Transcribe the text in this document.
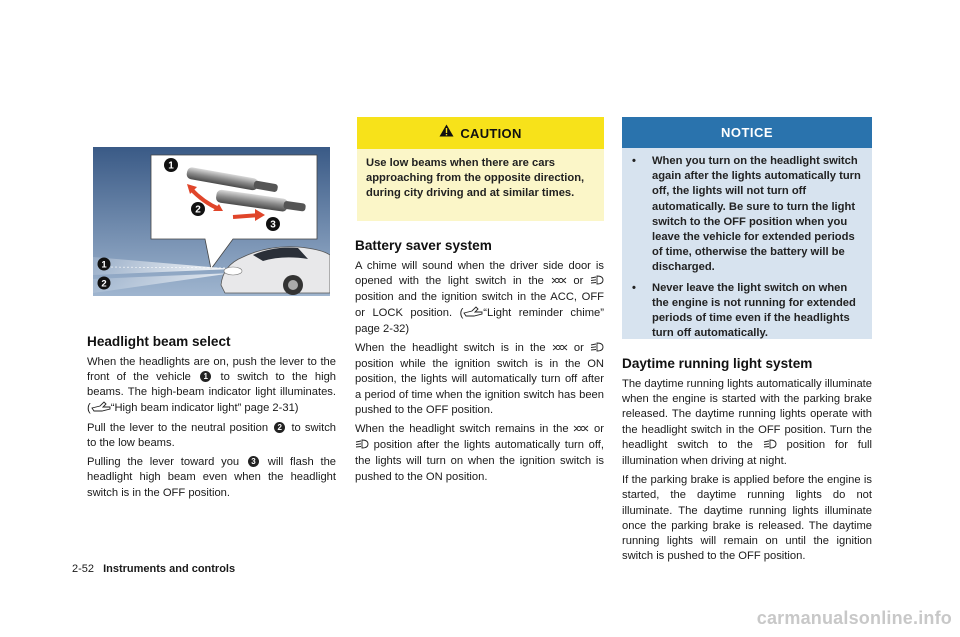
1
2
3
1
2
Headlight beam select

When the headlights are on, push the lever to the front of the vehicle 1 to switch to the high beams. The high-beam indicator light illuminates. ( “High beam indicator light” page 2-31)

Pull the lever to the neutral position 2 to switch to the low beams.

Pulling the lever toward you 3 will flash the headlight high beam even when the headlight switch is in the OFF position.

CAUTION
Use low beams when there are cars approaching from the opposite direction, during city driving and at similar times.
Battery saver system

A chime will sound when the driver side door is opened with the light switch in the	or  position and the ignition switch in the ACC, OFF or LOCK position. ( “Light reminder chime” page 2-32)

When the headlight switch is in the	or  position while the ignition switch is in the ON position, the lights will automatically turn off after a period of time when the ignition switch has been pushed to the OFF position.

When the headlight switch remains in the or  position after the lights automatically turn off, the lights will turn on when the ignition switch is pushed to the ON position.

NOTICE
•	When you turn on the headlight switch again after the lights automatically turn off, the lights will not turn off automatically. Be sure to turn the light switch to the OFF position when you leave the vehicle for extended periods of time, otherwise the battery will be discharged.
•	Never leave the light switch on when the engine is not running for extended periods of time even if the headlights turn off automatically.
Daytime running light system

The daytime running lights automatically illuminate when the engine is started with the parking brake released. The daytime running lights operate with the headlight switch in the OFF position. Turn the headlight switch to the	position for full illumination when driving at night.

If the parking brake is applied before the engine is started, the daytime running lights do not illuminate. The daytime running lights illuminate once the parking brake is released. The daytime running lights will remain on until the ignition switch is pushed to the OFF position.

2-52 Instruments and controls
carmanualsonline.info
